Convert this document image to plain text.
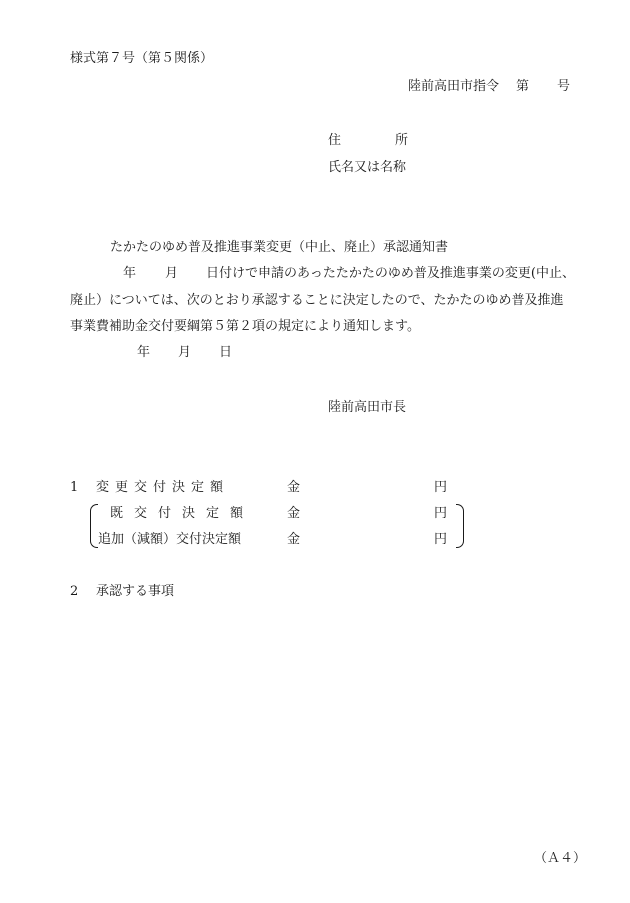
様式第７号（第５関係）
陸前高田市指令 第 号
住	所
氏名又は名称
たかたのゆめ普及推進事業変更（中止、廃止）承認通知書
年 月 日付けで申請のあったたかたのゆめ普及推進事業の変更(中止、
廃止）については、次のとおり承認することに決定したので、たかたのゆめ普及推進
事業費補助金交付要綱第５第２項の規定により通知します。
年 月 日
陸前高田市長
1 変更交付決定額	金	円
既交付決定額	金	円
追加（減額）交付決定額	金	円
2 承認する事項
（Ａ４）
